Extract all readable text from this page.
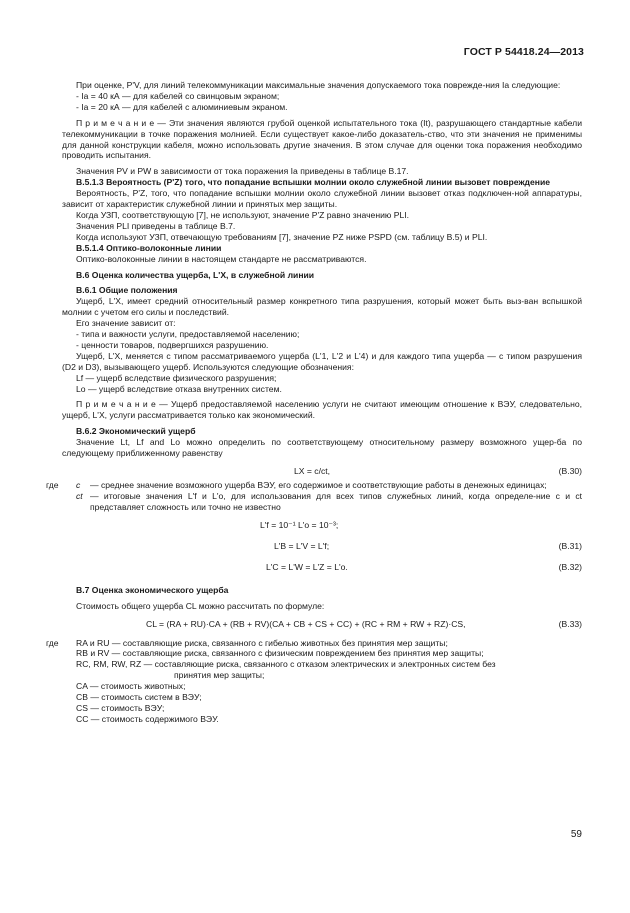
ГОСТ Р 54418.24—2013

При оценке, P'V, для линий телекоммуникации максимальные значения допускаемого тока поврежде-ния Ia следующие:

- Ia = 40 кА — для кабелей со свинцовым экраном;

- Ia = 20 кА — для кабелей с алюминиевым экраном.

П р и м е ч а н и е — Эти значения являются грубой оценкой испытательного тока (It), разрушающего стандартные кабели телекоммуникации в точке поражения молнией. Если существует какое-либо доказатель-ство, что эти значения не применимы для данной конструкции кабеля, можно использовать другие значения. В этом случае для оценки тока поражения необходимо проводить испытания.

Значения PV и PW в зависимости от тока поражения Ia приведены в таблице B.17.

B.5.1.3 Вероятность (P'Z) того, что попадание вспышки молнии около служебной линии вызовет повреждение

Вероятность, P'Z, того, что попадание вспышки молнии около служебной линии вызовет отказ подключен-ной аппаратуры, зависит от характеристик служебной линии и принятых мер защиты.

Когда УЗП, соответствующую [7], не используют, значение P'Z равно значению PLI.

Значения PLI приведены в таблице B.7.

Когда используют УЗП, отвечающую требованиям [7], значение PZ ниже PSPD (см. таблицу B.5) и PLI.

B.5.1.4 Оптико-волоконные линии

Оптико-волоконные линии в настоящем стандарте не рассматриваются.

B.6 Оценка количества ущерба, L'X, в служебной линии

B.6.1 Общие положения

Ущерб, L'X, имеет средний относительный размер конкретного типа разрушения, который может быть выз-ван вспышкой молнии с учетом его силы и последствий.

Его значение зависит от:

- типа и важности услуги, предоставляемой населению;

- ценности товаров, подвергшихся разрушению.

Ущерб, L'X, меняется с типом рассматриваемого ущерба (L'1, L'2 и L'4) и для каждого типа ущерба — с типом разрушения (D2 и D3), вызывающего ущерб. Используются следующие обозначения:

Lf — ущерб вследствие физического разрушения;

Lo — ущерб вследствие отказа внутренних систем.

П р и м е ч а н и е — Ущерб предоставляемой населению услуги не считают имеющим отношение к ВЭУ, следовательно, ущерб, L'X, услуги рассматривается только как экономический.

B.6.2 Экономический ущерб

Значение Lt, Lf and Lo можно определить по соответствующему относительному размеру возможного ущер-ба по следующему приближенному равенству

LX = c/ct,	(B.30)
где	c	— среднее значение возможного ущерба ВЭУ, его содержимое и соответствующие работы в денежных единицах;
ct — итоговые значения L'f и L'o, для использования для всех типов служебных линий, когда определе-ние c и ct представляет сложность или точно не известно
L'f = 10⁻¹ L'o = 10⁻³;
L'B = L'V = L'f;	(B.31)
L'C = L'W = L'Z = L'o.	(B.32)

B.7 Оценка экономического ущерба

Стоимость общего ущерба CL можно рассчитать по формуле:

CL = (RA + RU)·CA + (RB + RV)(CA + CB + CS + CC) + (RC + RM + RW + RZ)·CS,	(B.33)
где	RA и RU — составляющие риска, связанного с гибелью животных без принятия мер защиты;

RB и RV — составляющие риска, связанного с физическим повреждением без принятия мер защиты;

RC, RM, RW, RZ — составляющие риска, связанного с отказом электрических и электронных систем без

принятия мер защиты;

CA — стоимость животных;

CB — стоимость систем в ВЭУ;

CS — стоимость ВЭУ;

CC — стоимость содержимого ВЭУ.

59
